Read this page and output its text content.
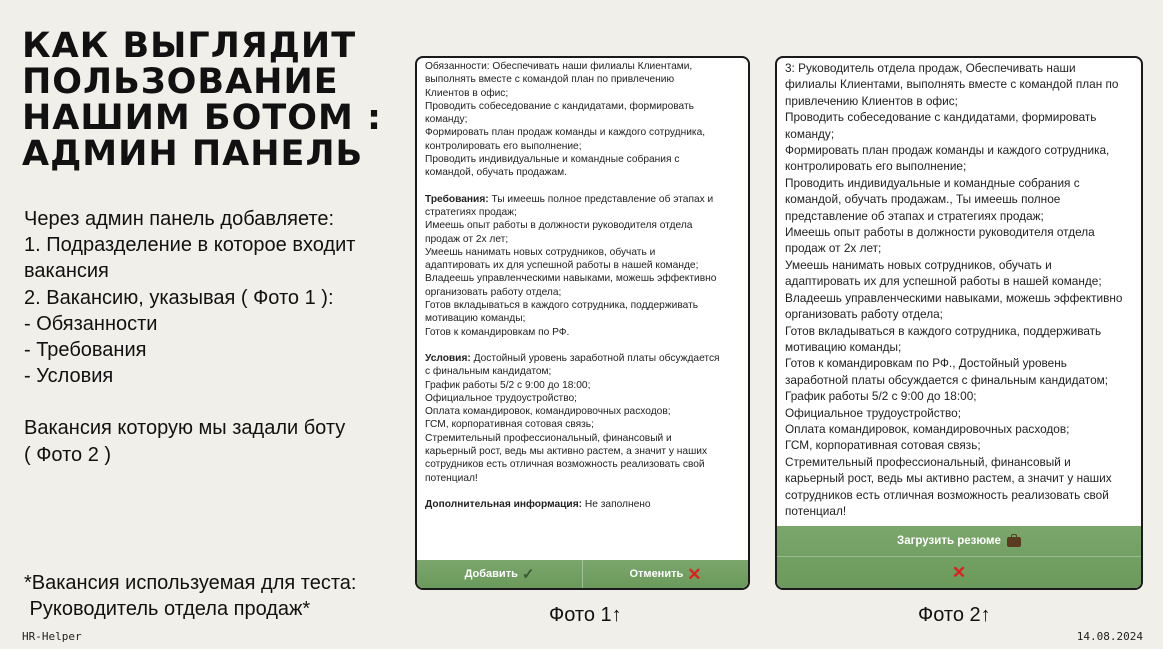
КАК ВЫГЛЯДИТ
ПОЛЬЗОВАНИЕ
НАШИМ БОТОМ :
АДМИН ПАНЕЛЬ
Через админ панель добавляете:
1. Подразделение в которое входит
вакансия
2. Вакансию, указывая ( Фото 1 ):
- Обязанности
- Требования
- Условия
Вакансия которую мы задали боту
( Фото 2 )
*Вакансия используемая для теста:
Руководитель отдела продаж*
Обязанности: Обеспечивать наши филиалы Клиентами,
выполнять вместе с командой план по привлечению
Клиентов в офис;
Проводить собеседование с кандидатами, формировать
команду;
Формировать план продаж команды и каждого сотрудника,
контролировать его выполнение;
Проводить индивидуальные и командные собрания с
командой, обучать продажам.
Требования: Ты имеешь полное представление об этапах и
стратегиях продаж;
Имеешь опыт работы в должности руководителя отдела
продаж от 2х лет;
Умеешь нанимать новых сотрудников, обучать и
адаптировать их для успешной работы в нашей команде;
Владеешь управленческими навыками, можешь эффективно
организовать работу отдела;
Готов вкладываться в каждого сотрудника, поддерживать
мотивацию команды;
Готов к командировкам по РФ.
Условия: Достойный уровень заработной платы обсуждается
с финальным кандидатом;
График работы 5/2 с 9:00 до 18:00;
Официальное трудоустройство;
Оплата командировок, командировочных расходов;
ГСМ, корпоративная сотовая связь;
Стремительный профессиональный, финансовый и
карьерный рост, ведь мы активно растем, а значит у наших
сотрудников есть отличная возможность реализовать свой
потенциал!
Дополнительная информация: Не заполнено
Добавить ✓	Отменить ✕
3: Руководитель отдела продаж, Обеспечивать наши
филиалы Клиентами, выполнять вместе с командой план по
привлечению Клиентов в офис;
Проводить собеседование с кандидатами, формировать
команду;
Формировать план продаж команды и каждого сотрудника,
контролировать его выполнение;
Проводить индивидуальные и командные собрания с
командой, обучать продажам., Ты имеешь полное
представление об этапах и стратегиях продаж;
Имеешь опыт работы в должности руководителя отдела
продаж от 2х лет;
Умеешь нанимать новых сотрудников, обучать и
адаптировать их для успешной работы в нашей команде;
Владеешь управленческими навыками, можешь эффективно
организовать работу отдела;
Готов вкладываться в каждого сотрудника, поддерживать
мотивацию команды;
Готов к командировкам по РФ., Достойный уровень
заработной платы обсуждается с финальным кандидатом;
График работы 5/2 с 9:00 до 18:00;
Официальное трудоустройство;
Оплата командировок, командировочных расходов;
ГСМ, корпоративная сотовая связь;
Стремительный профессиональный, финансовый и
карьерный рост, ведь мы активно растем, а значит у наших
сотрудников есть отличная возможность реализовать свой
потенциал!
Загрузить резюме
✕
Фото 1↑	Фото 2↑
HR-Helper	14.08.2024
